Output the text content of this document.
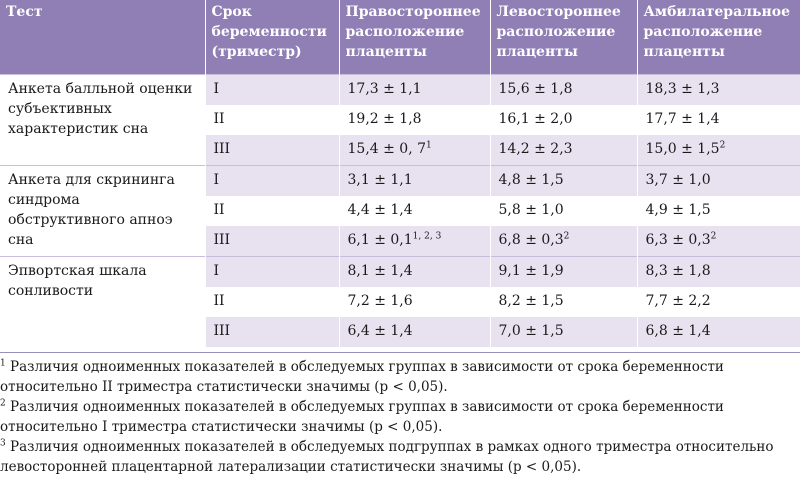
Тест	Срок беременности (триместр)	Правостороннее расположение плаценты	Левостороннее расположение плаценты	Амбилатеральное расположение плаценты
Анкета балльной оценки субъективных характеристик сна	I	17,3 ± 1,1	15,6 ± 1,8	18,3 ± 1,3
	II	19,2 ± 1,8	16,1 ± 2,0	17,7 ± 1,4
	III	15,4 ± 0, $7^1$	14,2 ± 2,3	$15,0 \pm 1,5^2$
Анкета для скрининга синдрома обструктивного апноэ сна	I	3,1 ± 1,1	4,8 ± 1,5	3,7 ± 1,0
	II	4,4 ± 1,4	5,8 ± 1,0	4,9 ± 1,5
	III	$6,1 \pm 0,1^{1, 2, 3}$	$6,8 \pm 0,3^2$	$6,3 \pm 0,3^2$
Эпвортская шкала сонливости	I	8,1 ± 1,4	9,1 ± 1,9	8,3 ± 1,8
	II	7,2 ± 1,6	8,2 ± 1,5	7,7 ± 2,2
	III	6,4 ± 1,4	7,0 ± 1,5	6,8 ± 1,4

$^1$ Различия одноименных показателей в обследуемых группах в зависимости от срока беременности относительно II триместра статистически значимы (р < 0,05).

$^2$ Различия одноименных показателей в обследуемых группах в зависимости от срока беременности относительно I триместра статистически значимы (р < 0,05).

$^3$ Различия одноименных показателей в обследуемых подгруппах в рамках одного триместра относительно левосторонней плацентарной латерализации статистически значимы (р < 0,05).
